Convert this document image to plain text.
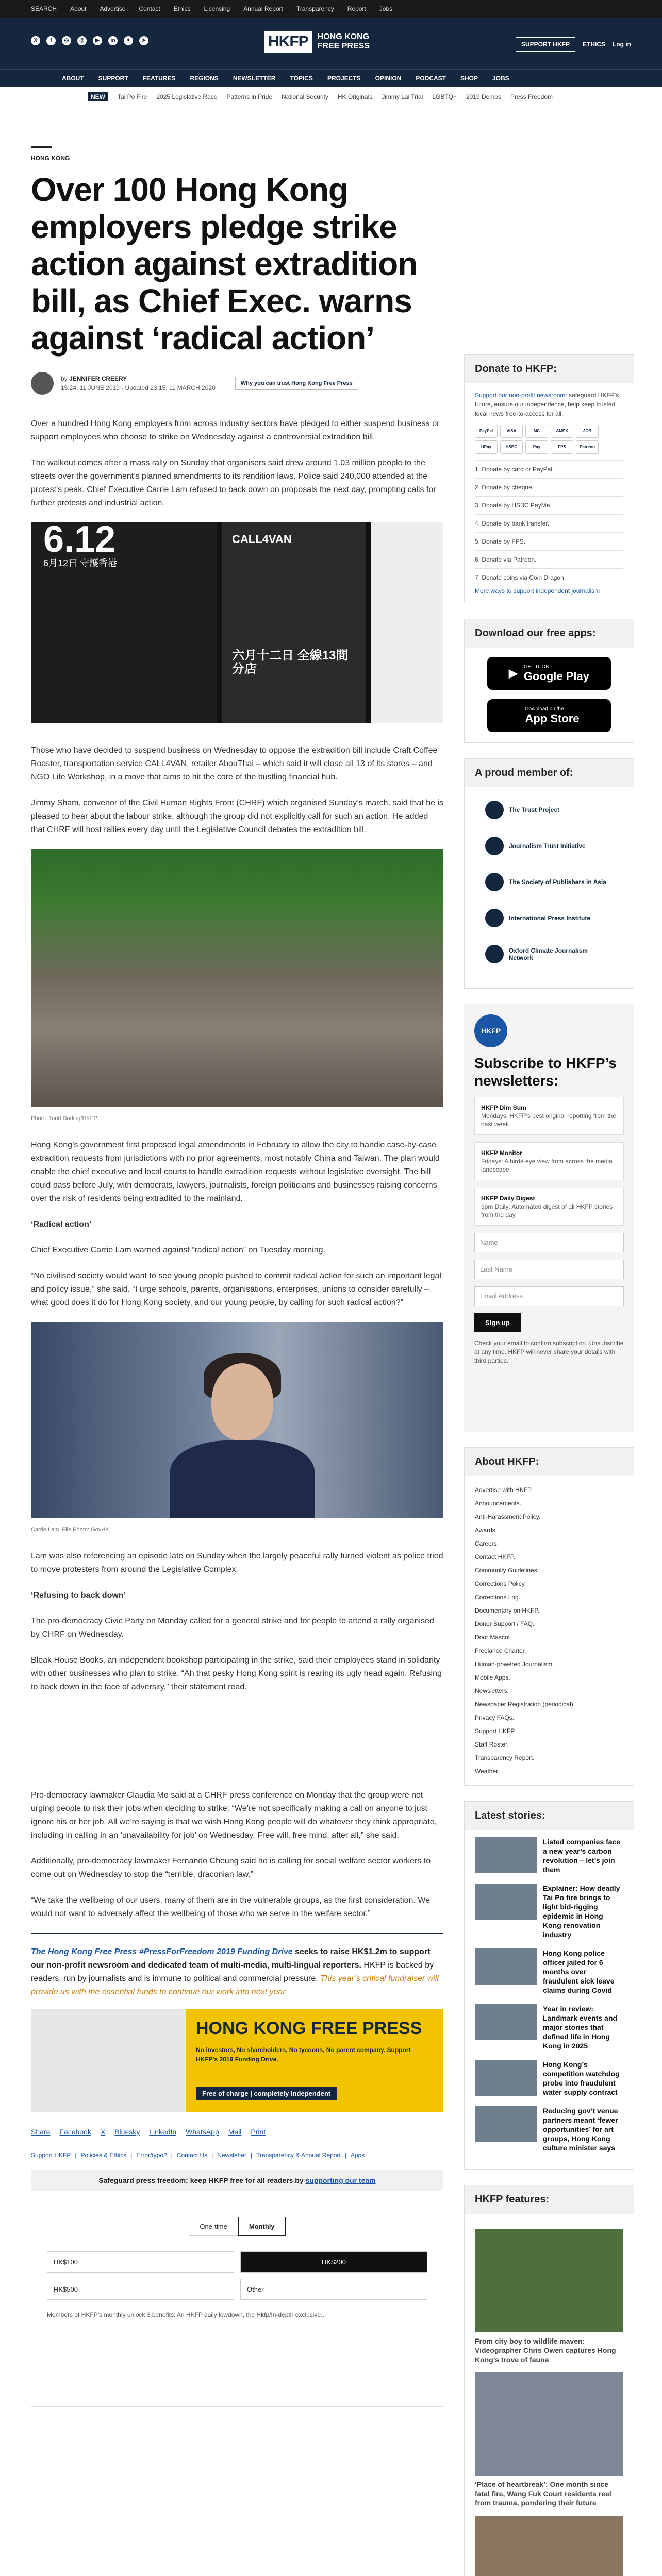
SEARCH About Advertise Contact Ethics Licensing Annual Report Transparency Report Jobs
X	f	◎	@	▶	in	✦	➤	HKFP	HONG KONG
FREE PRESS	SUPPORT HKFP	ETHICS Log in
ABOUT SUPPORT FEATURES REGIONS NEWSLETTER TOPICS PROJECTS OPINION PODCAST SHOP JOBS
NEW	Tai Po Fire 2025 Legislative Race Patterns in Pride National Security HK Originals Jimmy Lai Trial LGBTQ+ 2019 Demos Press Freedom
HONG KONG
Over 100 Hong Kong employers pledge strike action against extradition bill, as Chief Exec. warns against ‘radical action’
by JENNIFER CREERY
15:24, 11 JUNE 2019 · Updated 23:15, 11 MARCH 2020
Why you can trust Hong Kong Free Press

Over a hundred Hong Kong employers from across industry sectors have pledged to either suspend business or support employees who choose to strike on Wednesday against a controversial extradition bill.

The walkout comes after a mass rally on Sunday that organisers said drew around 1.03 million people to the streets over the government’s planned amendments to its rendition laws. Police said 240,000 attended at the protest’s peak. Chief Executive Carrie Lam refused to back down on proposals the next day, prompting calls for further protests and industrial action.

6.12
6月12日 守護香港
CALL4VAN
六月十二日 全線13間分店

Those who have decided to suspend business on Wednesday to oppose the extradition bill include Craft Coffee Roaster, transportation service CALL4VAN, retailer AbouThai – which said it will close all 13 of its stores – and NGO Life Workshop, in a move that aims to hit the core of the bustling financial hub.

Jimmy Sham, convenor of the Civil Human Rights Front (CHRF) which organised Sunday’s march, said that he is pleased to hear about the labour strike, although the group did not explicitly call for such an action. He added that CHRF will host rallies every day until the Legislative Council debates the extradition bill.

Photo: Todd Darling/HKFP.

Hong Kong’s government first proposed legal amendments in February to allow the city to handle case-by-case extradition requests from jurisdictions with no prior agreements, most notably China and Taiwan. The plan would enable the chief executive and local courts to handle extradition requests without legislative oversight. The bill could pass before July, with democrats, lawyers, journalists, foreign politicians and businesses raising concerns over the risk of residents being extradited to the mainland.

‘Radical action’

Chief Executive Carrie Lam warned against “radical action” on Tuesday morning.

“No civilised society would want to see young people pushed to commit radical action for such an important legal and policy issue,” she said. “I urge schools, parents, organisations, enterprises, unions to consider carefully – what good does it do for Hong Kong society, and our young people, by calling for such radical action?”

Carrie Lam. File Photo: GovHK.

Lam was also referencing an episode late on Sunday when the largely peaceful rally turned violent as police tried to move protesters from around the Legislative Complex.

‘Refusing to back down’

The pro-democracy Civic Party on Monday called for a general strike and for people to attend a rally organised by CHRF on Wednesday.

Bleak House Books, an independent bookshop participating in the strike, said their employees stand in solidarity with other businesses who plan to strike. “Ah that pesky Hong Kong spirit is rearing its ugly head again. Refusing to back down in the face of adversity,” their statement read.

Pro-democracy lawmaker Claudia Mo said at a CHRF press conference on Monday that the group were not urging people to risk their jobs when deciding to strike: “We’re not specifically making a call on anyone to just ignore his or her job. All we’re saying is that we wish Hong Kong people will do whatever they think appropriate, including in calling in an ‘unavailability for job’ on Wednesday. Free will, free mind, after all,” she said.

Additionally, pro-democracy lawmaker Fernando Cheung said he is calling for social welfare sector workers to come out on Wednesday to stop the “terrible, draconian law.”

“We take the wellbeing of our users, many of them are in the vulnerable groups, as the first consideration. We would not want to adversely affect the wellbeing of those who we serve in the welfare sector.”

The Hong Kong Free Press #PressForFreedom 2019 Funding Drive seeks to raise HK$1.2m to support our non-profit newsroom and dedicated team of multi-media, multi-lingual reporters. HKFP is backed by readers, run by journalists and is immune to political and commercial pressure. This year’s critical fundraiser will provide us with the essential funds to continue our work into next year.
HONG KONG FREE PRESS
No investors, No shareholders, No tycoons, No parent company. Support HKFP’s 2019 Funding Drive.
Free of charge | completely independent
Share Facebook X Bluesky LinkedIn WhatsApp Mail Print
Support HKFP | Policies & Ethics | Error/typo? | Contact Us | Newsletter | Transparency & Annual Report | Apps
Safeguard press freedom; keep HKFP free for all readers by supporting our team
One-time	Monthly
HK$100	HK$200
HK$500	Other
Members of HKFP’s monthly unlock 3 benefits: An HKFP daily lowdown, the Hkfp/In-depth exclusive...
Donate to HKFP:
Support our non-profit newsroom: safeguard HKFP’s future, ensure our independence, help keep trusted local news free-to-access for all.
PayPal	VISA	MC	AMEX	JCB
UPay	HSBC	Pay	FPS	Patreon
1. Donate by card or PayPal.
2. Donate by cheque.
3. Donate by HSBC PayMe.
4. Donate by bank transfer.
5. Donate by FPS.
6. Donate via Patreon.
7. Donate coins via Coin Dragon.
More ways to support independent journalism
Download our free apps:
▶ GET IT ON
Google Play
Download on the
App Store
A proud member of:
The Trust Project
Journalism Trust Initiative
The Society of Publishers in Asia
International Press Institute
Oxford Climate Journalism Network
HKFP
Subscribe to HKFP’s newsletters:
HKFP Dim Sum
Mondays: HKFP’s best original reporting from the past week.
HKFP Monitor
Fridays: A birds-eye view from across the media landscape.
HKFP Daily Digest
9pm Daily: Automated digest of all HKFP stories from the day.
Name
Last Name
Email Address
Sign up
Check your email to confirm subscription. Unsubscribe at any time. HKFP will never share your details with third parties.
About HKFP:
Advertise with HKFP.
Announcements.
Anti-Harassment Policy.
Awards.
Careers.
Contact HKFP.
Community Guidelines.
Corrections Policy.
Corrections Log.
Documentary on HKFP.
Donor Support / FAQ.
Door Mascot.
Freelance Charter.
Human-powered Journalism.
Mobile Apps.
Newsletters.
Newspaper Registration (periodical).
Privacy FAQs.
Support HKFP.
Staff Roster.
Transparency Report.
Weather.
Latest stories:
Listed companies face a new year’s carbon revolution – let’s join them
Explainer: How deadly Tai Po fire brings to light bid-rigging epidemic in Hong Kong renovation industry
Hong Kong police officer jailed for 6 months over fraudulent sick leave claims during Covid
Year in review: Landmark events and major stories that defined life in Hong Kong in 2025
Hong Kong’s competition watchdog probe into fraudulent water supply contract
Reducing gov’t venue partners meant ‘fewer opportunities’ for art groups, Hong Kong culture minister says
HKFP features:
From city boy to wildlife maven: Videographer Chris Owen captures Hong Kong’s trove of fauna
‘Place of heartbreak’: One month since fatal fire, Wang Fuk Court residents reel from trauma, pondering their future
